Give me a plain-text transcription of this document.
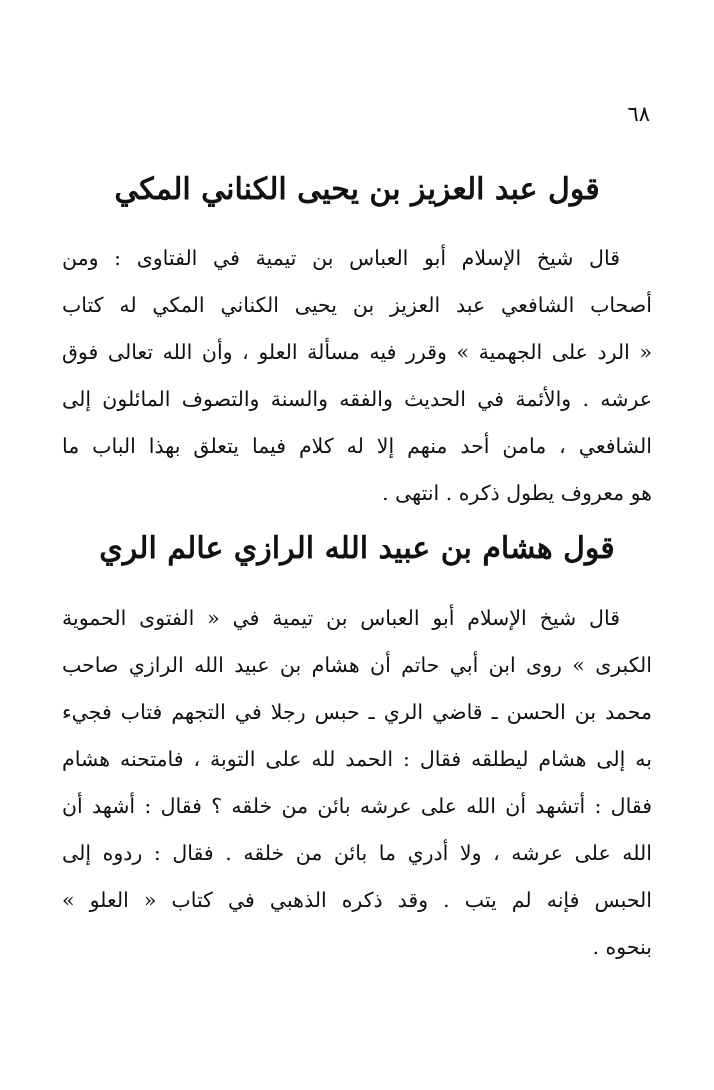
٦٨
قول عبد العزيز بن يحيى الكناني المكي
قال شيخ الإسلام أبو العباس بن تيمية في الفتاوى : ومن
أصحاب الشافعي عبد العزيز بن يحيى الكناني المكي له كتاب
« الرد على الجهمية » وقرر فيه مسألة العلو ، وأن الله تعالى فوق
عرشه . والأئمة في الحديث والفقه والسنة والتصوف المائلون إلى
الشافعي ، مامن أحد منهم إلا له كلام فيما يتعلق بهذا الباب ما
هو معروف يطول ذكره . انتهى .
قول هشام بن عبيد الله الرازي عالم الري
قال شيخ الإسلام أبو العباس بن تيمية في « الفتوى الحموية
الكبرى » روى ابن أبي حاتم أن هشام بن عبيد الله الرازي صاحب
محمد بن الحسن ـ قاضي الري ـ حبس رجلا في التجهم فتاب فجيء
به إلى هشام ليطلقه فقال : الحمد لله على التوبة ، فامتحنه هشام
فقال : أتشهد أن الله على عرشه بائن من خلقه ؟ فقال : أشهد أن
الله على عرشه ، ولا أدري ما بائن من خلقه . فقال : ردوه إلى
الحبس فإنه لم يتب . وقد ذكره الذهبي في كتاب « العلو »
بنحوه .
